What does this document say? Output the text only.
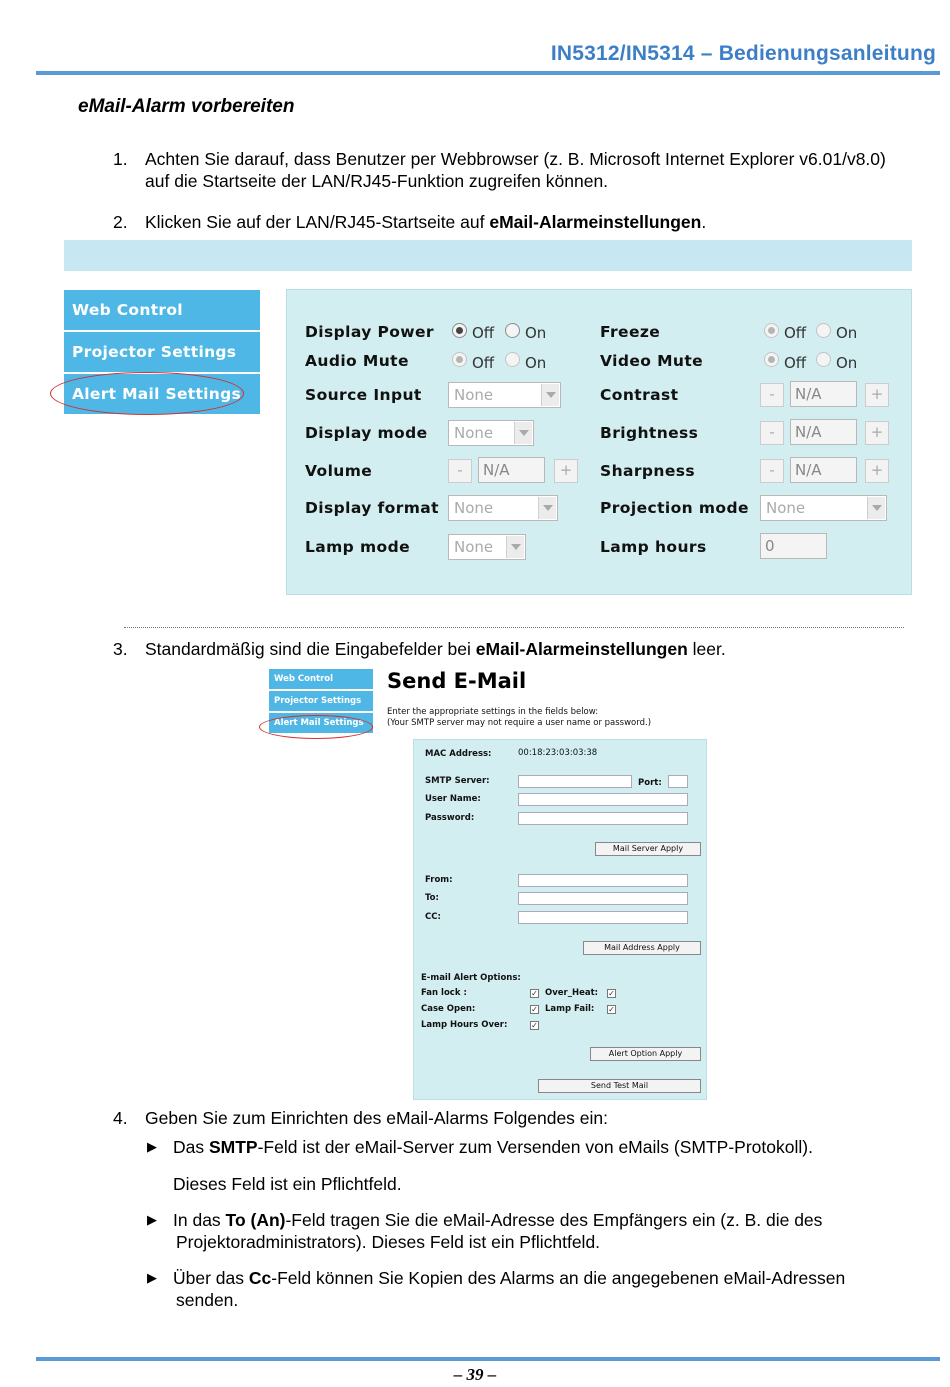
IN5312/IN5314 – Bedienungsanleitung
eMail-Alarm vorbereiten
1. Achten Sie darauf, dass Benutzer per Webbrowser (z. B. Microsoft Internet Explorer v6.01/v8.0)
auf die Startseite der LAN/RJ45-Funktion zugreifen können.
2. Klicken Sie auf der LAN/RJ45-Startseite auf eMail-Alarmeinstellungen.
Web Control
Projector Settings
Alert Mail Settings
Display Power	Off On
Audio Mute	Off On
Source Input None
Display mode None
Volume	-	N/A	+
Display format None
Lamp mode	None
Freeze	Off On
Video Mute	Off On
Contrast	-	N/A	+
Brightness	-	N/A	+
Sharpness	-	N/A	+
Projection mode None
Lamp hours	0
3. Standardmäßig sind die Eingabefelder bei eMail-Alarmeinstellungen leer.
Web Control
Projector Settings
Alert Mail Settings
Send E-Mail
Enter the appropriate settings in the fields below:
(Your SMTP server may not require a user name or password.)
MAC Address:	00:18:23:03:03:38
SMTP Server:	Port:
User Name:
Password:
Mail Server Apply
From:
To:
CC:
Mail Address Apply
E-mail Alert Options:
Fan lock :	✓ Over_Heat: ✓
Case Open:	✓ Lamp Fail: ✓
Lamp Hours Over:	✓
Alert Option Apply
Send Test Mail
4. Geben Sie zum Einrichten des eMail-Alarms Folgendes ein:
▶ Das SMTP-Feld ist der eMail-Server zum Versenden von eMails (SMTP-Protokoll).
Dieses Feld ist ein Pflichtfeld.
▶ In das To (An)-Feld tragen Sie die eMail-Adresse des Empfängers ein (z. B. die des
Projektoradministrators). Dieses Feld ist ein Pflichtfeld.
▶ Über das Cc-Feld können Sie Kopien des Alarms an die angegebenen eMail-Adressen
senden.
– 39 –
